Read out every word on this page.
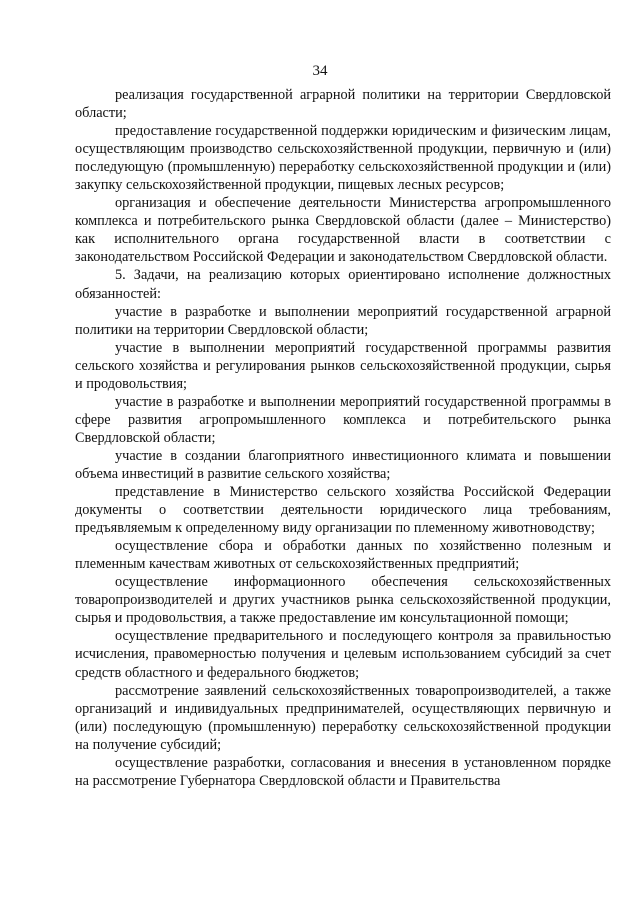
34

реализация государственной аграрной политики на территории Свердловской области;

предоставление государственной поддержки юридическим и физическим лицам, осуществляющим производство сельскохозяйственной продукции, первичную и (или) последующую (промышленную) переработку сельскохозяйственной продукции и (или) закупку сельскохозяйственной продукции, пищевых лесных ресурсов;

организация и обеспечение деятельности Министерства агропромышленного комплекса и потребительского рынка Свердловской области (далее – Министерство) как исполнительного органа государственной власти в соответствии с законодательством Российской Федерации и законодательством Свердловской области.

5. Задачи, на реализацию которых ориентировано исполнение должностных обязанностей:

участие в разработке и выполнении мероприятий государственной аграрной политики на территории Свердловской области;

участие в выполнении мероприятий государственной программы развития сельского хозяйства и регулирования рынков сельскохозяйственной продукции, сырья и продовольствия;

участие в разработке и выполнении мероприятий государственной программы в сфере развития агропромышленного комплекса и потребительского рынка Свердловской области;

участие в создании благоприятного инвестиционного климата и повышении объема инвестиций в развитие сельского хозяйства;

представление в Министерство сельского хозяйства Российской Федерации документы о соответствии деятельности юридического лица требованиям, предъявляемым к определенному виду организации по племенному животноводству;

осуществление сбора и обработки данных по хозяйственно полезным и племенным качествам животных от сельскохозяйственных предприятий;

осуществление информационного обеспечения сельскохозяйственных товаропроизводителей и других участников рынка сельскохозяйственной продукции, сырья и продовольствия, а также предоставление им консультационной помощи;

осуществление предварительного и последующего контроля за правильностью исчисления, правомерностью получения и целевым использованием субсидий за счет средств областного и федерального бюджетов;

рассмотрение заявлений сельскохозяйственных товаропроизводителей, а также организаций и индивидуальных предпринимателей, осуществляющих первичную и (или) последующую (промышленную) переработку сельскохозяйственной продукции на получение субсидий;

осуществление разработки, согласования и внесения в установленном порядке на рассмотрение Губернатора Свердловской области и Правительства
